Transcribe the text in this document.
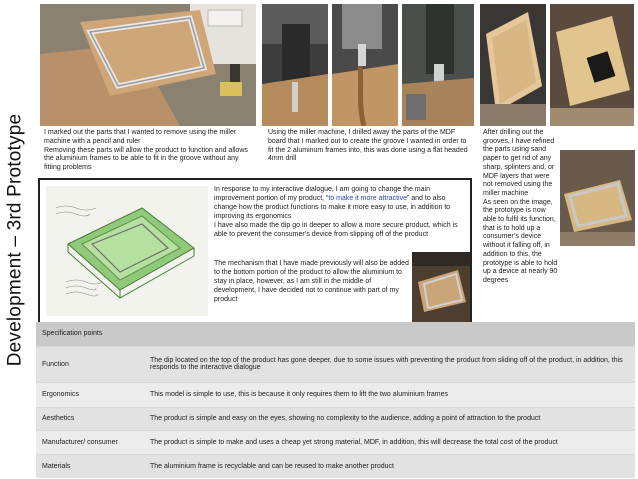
Development – 3rd Prototype	I marked out the parts that I wanted to remove using the miller machine with a pencil and ruler
Removing these parts will allow the product to function and allows the aluminium frames to be able to fit in the groove without any fitting problems

Using the miller machine, I drilled away the parts of the MDF board that I marked out to create the groove I wanted in order to fit the 2 aluminum frames into, this was done using a flat headed 4mm drill

After drilling out the grooves, I have refined the parts using sand paper to get rid of any sharp, splinters and, or MDF layers that were not removed using the miller machine
As seen on the image, the prototype is now able to fulfil its function, that is to hold up a consumer’s device without it falling off, in addition to this, the prototype is able to hold up a device at nearly 90 degrees

In response to my interactive dialogue, I am going to change the main improvement portion of my product, “to make it more attractive” and to also change how the product functions to make it more easy to use, in addition to improving its ergonomics
I have also made the dip go in deeper to allow a more secure product, which is able to prevent the consumer’s device from slipping off of the product
The mechanism that I have made previously will also be added to the bottom portion of the product to allow the aluminium to stay in place, however, as I am still in the middle of development, I have decided not to continue with part of my product
Specification points	
Function	The dip located on the top of the product has gone deeper, due to some issues with preventing the product from sliding off of the product, in addition, this responds to the interactive dialogue
Ergonomics	This model is simple to use, this is because it only requires them to lift the two aluminium frames
Aesthetics	The product is simple and easy on the eyes, showing no complexity to the audience, adding a point of attraction to the product
Manufacturer/ consumer	The product is simple to make and uses a cheap yet strong material, MDF, in addition, this will decrease the total cost of the product
Materials	The aluminium frame is recyclable and can be reused to make another product
